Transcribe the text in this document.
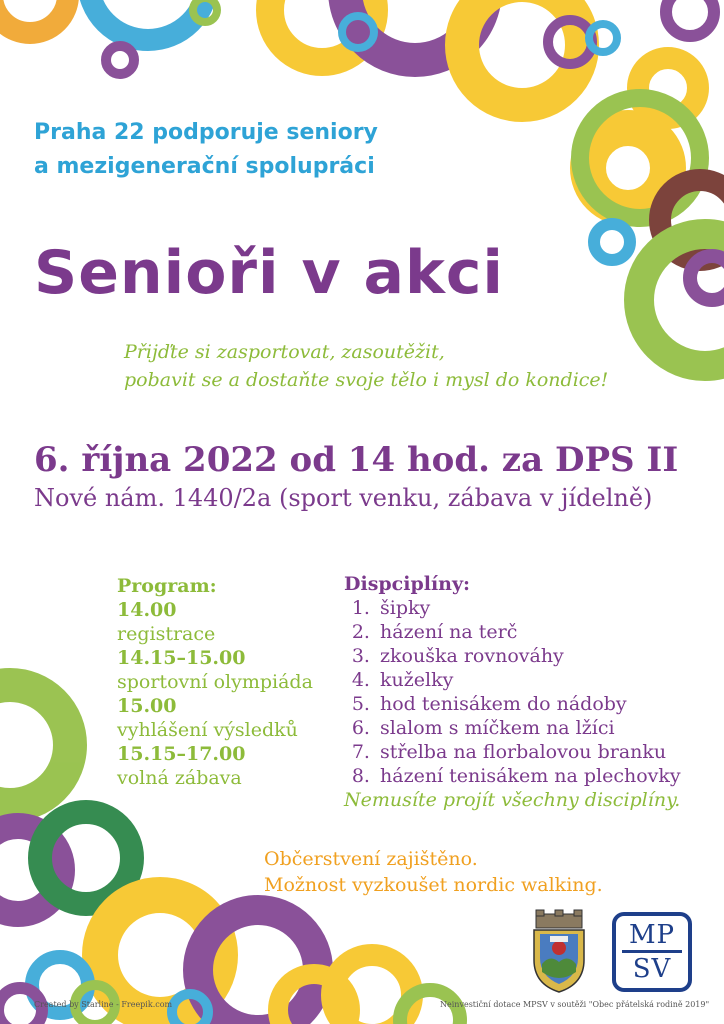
Praha 22 podporuje seniory
a mezigenerační spolupráci
Senioři v akci
Přijďte si zasportovat, zasoutěžit,
pobavit se a dostaňte svoje tělo i mysl do kondice!
6. října 2022 od 14 hod. za DPS II
Nové nám. 1440/2a (sport venku, zábava v jídelně)
Program:
14.00
registrace
14.15–15.00
sportovní olympiáda
15.00
vyhlášení výsledků
15.15–17.00
volná zábava
Dispciplíny:
1. šipky
2. házení na terč
3. zkouška rovnováhy
4. kuželky
5. hod tenisákem do nádoby
6. slalom s míčkem na lžíci
7. střelba na florbalovou branku
8. házení tenisákem na plechovky
Nemusíte projít všechny disciplíny.
Občerstvení zajištěno.
Možnost vyzkoušet nordic walking.
MP
SV
Created by Starline - Freepik.com	Neinvestiční dotace MPSV v soutěži "Obec přátelská rodině 2019"
